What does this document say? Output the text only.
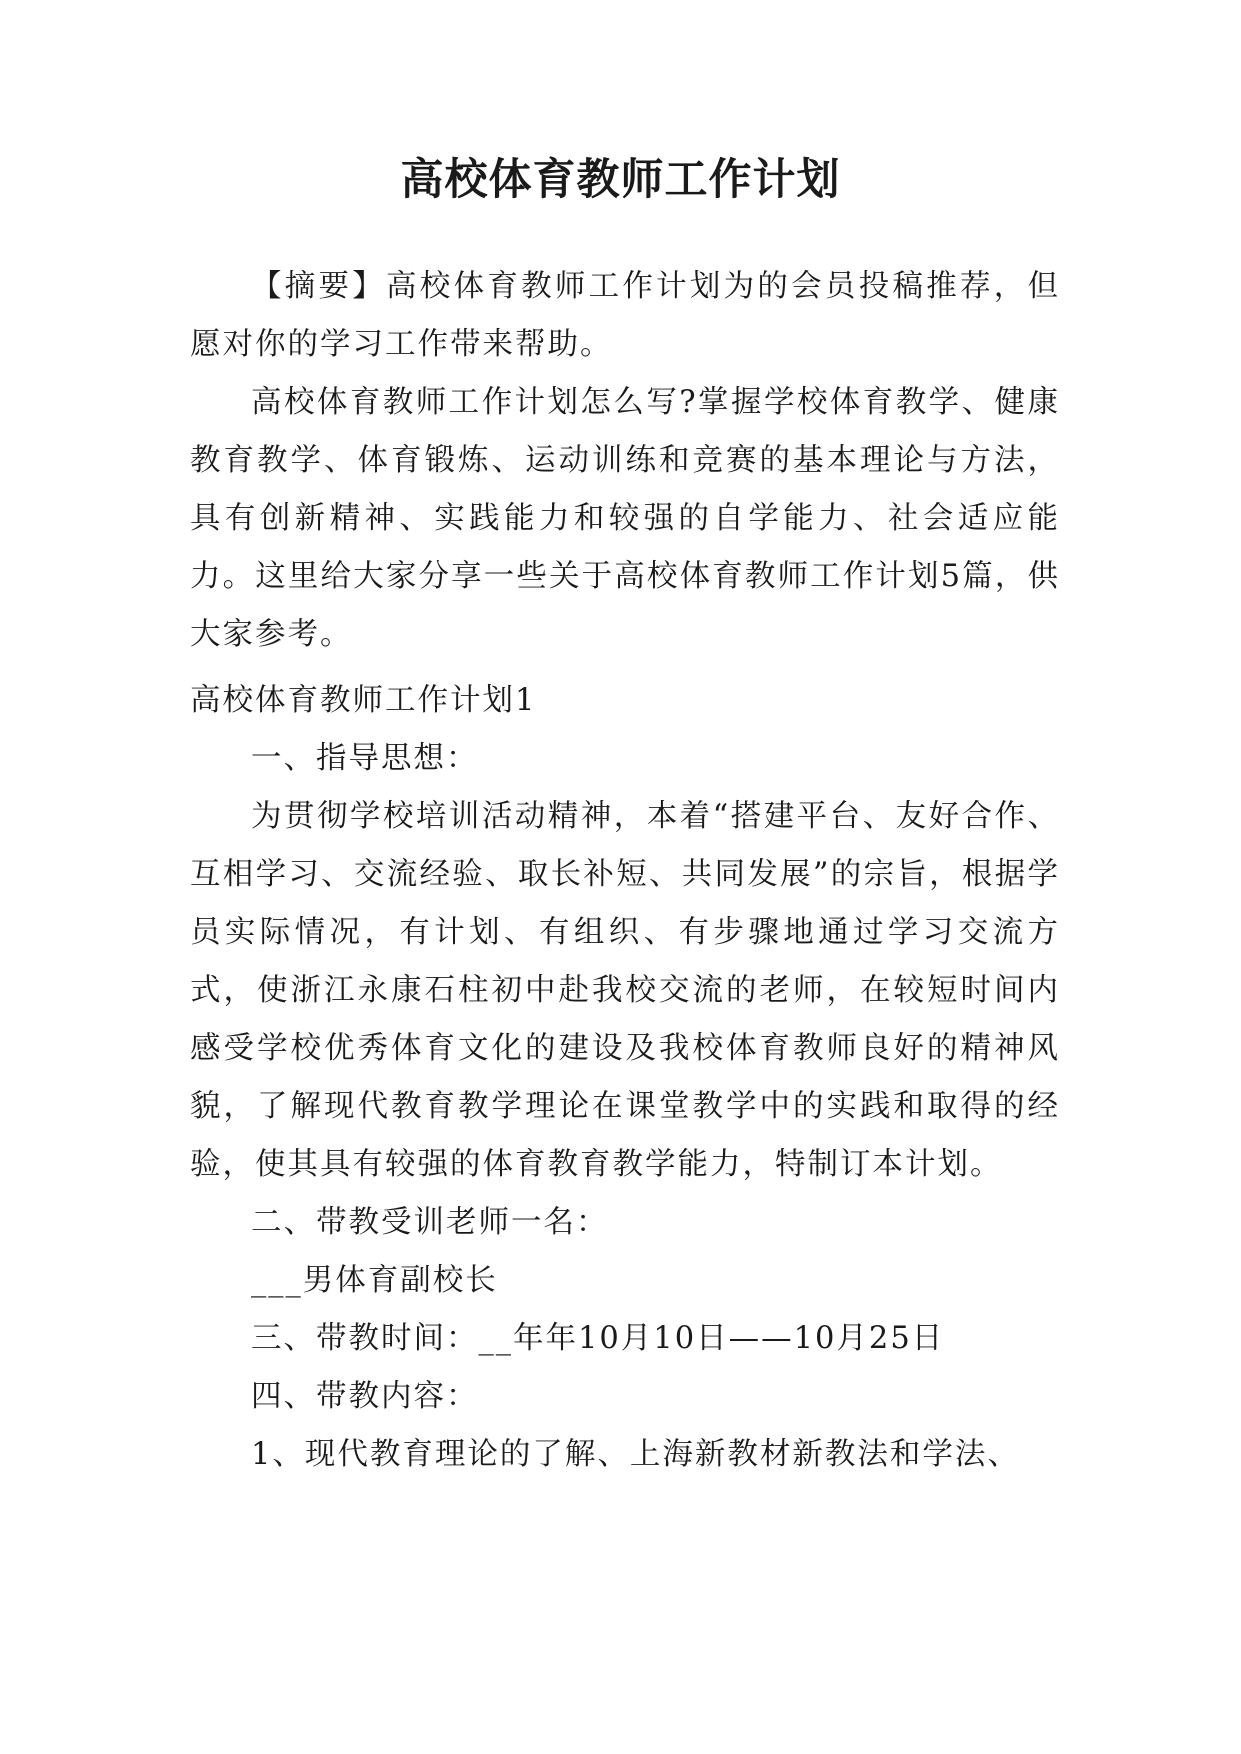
高校体育教师工作计划

【摘要】高校体育教师工作计划为的会员投稿推荐，但愿对你的学习工作带来帮助。

高校体育教师工作计划怎么写?掌握学校体育教学、健康教育教学、体育锻炼、运动训练和竞赛的基本理论与方法，具有创新精神、实践能力和较强的自学能力、社会适应能力。这里给大家分享一些关于高校体育教师工作计划5篇，供大家参考。

高校体育教师工作计划1

一、指导思想：

为贯彻学校培训活动精神，本着“搭建平台、友好合作、互相学习、交流经验、取长补短、共同发展”的宗旨，根据学员实际情况，有计划、有组织、有步骤地通过学习交流方式，使浙江永康石柱初中赴我校交流的老师，在较短时间内感受学校优秀体育文化的建设及我校体育教师良好的精神风貌，了解现代教育教学理论在课堂教学中的实践和取得的经验，使其具有较强的体育教育教学能力，特制订本计划。

二、带教受训老师一名：

___男体育副校长

三、带教时间：__年年10月10日——10月25日

四、带教内容：

1、现代教育理论的了解、上海新教材新教法和学法、
